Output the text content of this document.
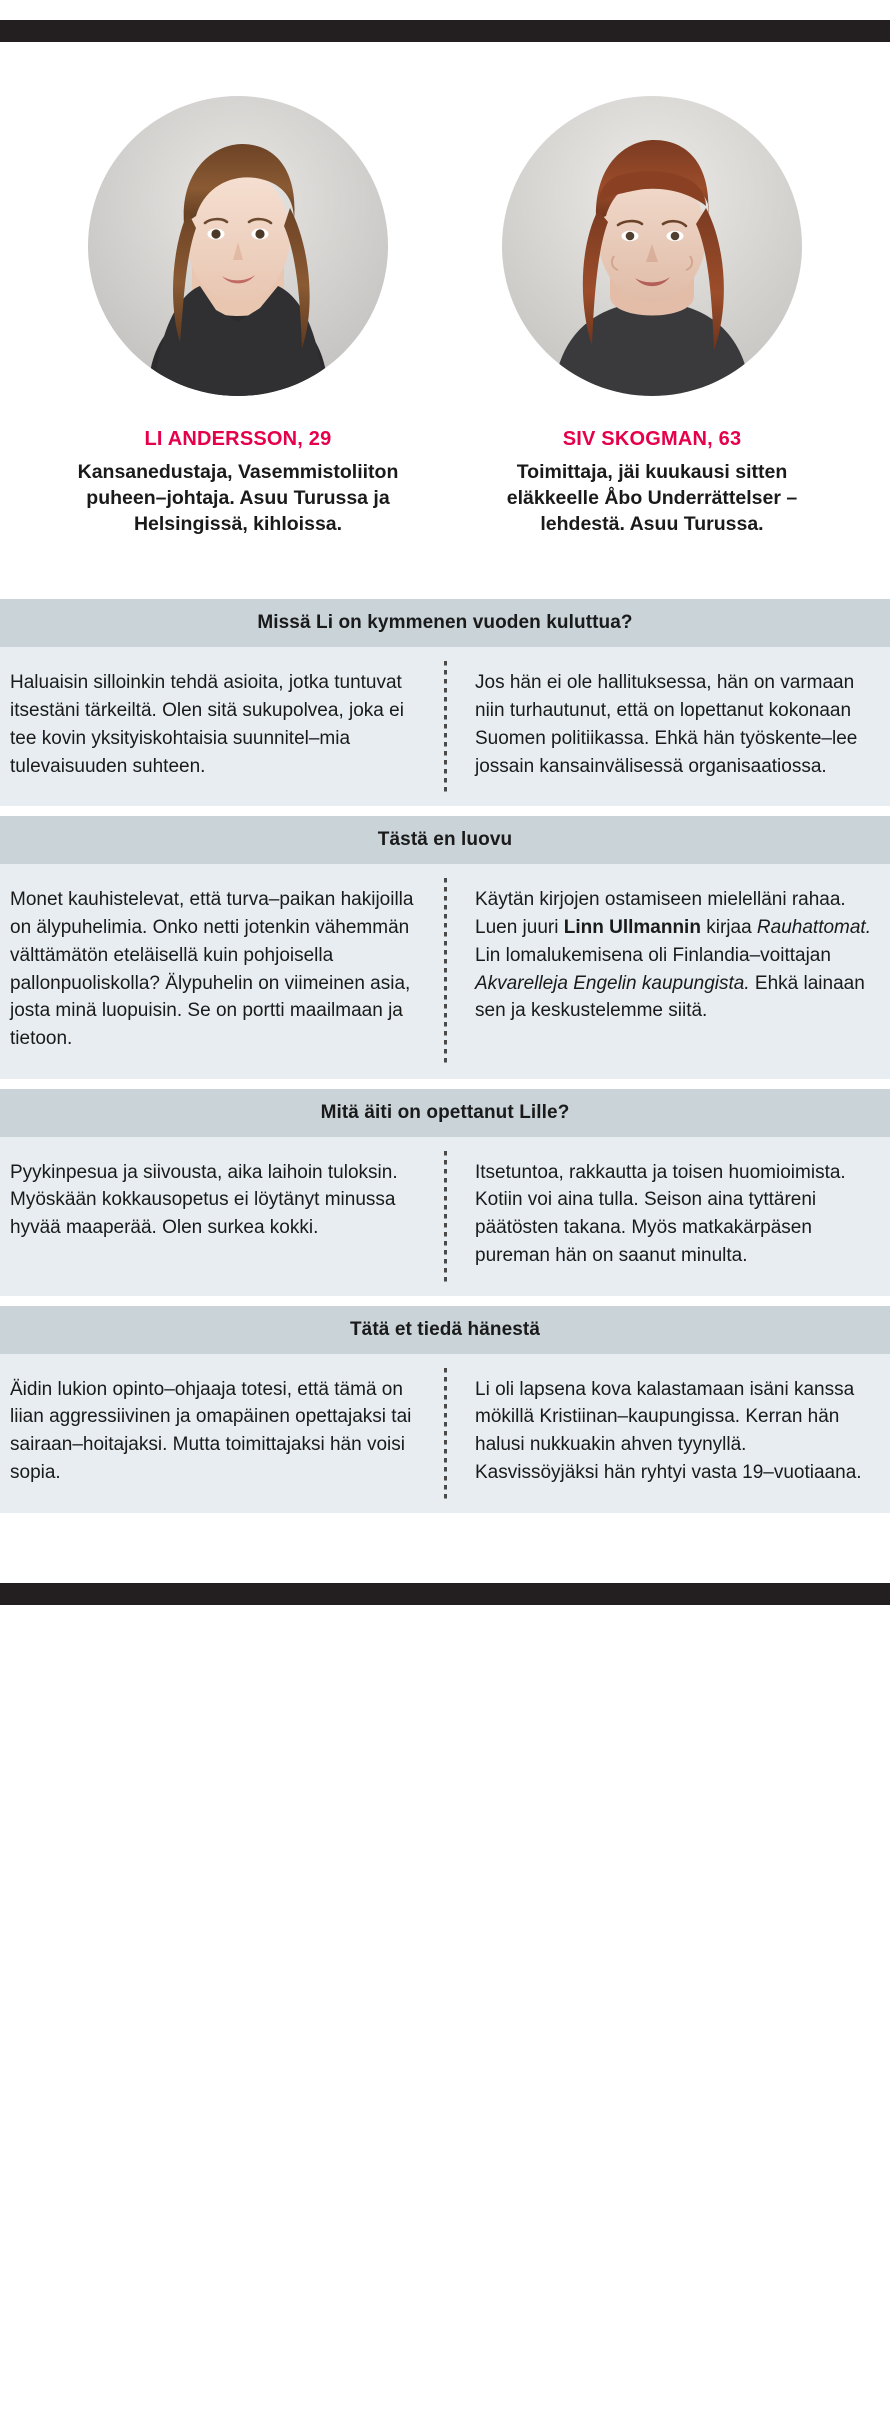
LI ANDERSSON, 29
Kansanedustaja, Vasemmistoliiton puheen–johtaja. Asuu Turussa ja Helsingissä, kihloissa.
SIV SKOGMAN, 63
Toimittaja, jäi kuukausi sitten eläkkeelle Åbo Underrättelser –lehdestä. Asuu Turussa.
Missä Li on kymmenen vuoden kuluttua?
Haluaisin silloinkin tehdä asioita, jotka tuntuvat itsestäni tärkeiltä. Olen sitä sukupolvea, joka ei tee kovin yksityiskohtaisia suunnitel–mia tulevaisuuden suhteen.
Jos hän ei ole hallituksessa, hän on varmaan niin turhautunut, että on lopettanut kokonaan Suomen politiikassa. Ehkä hän työskente–lee jossain kansainvälisessä organisaatiossa.
Tästä en luovu
Monet kauhistelevat, että turva–paikan hakijoilla on älypuhelimia. Onko netti jotenkin vähemmän välttämätön eteläisellä kuin pohjoisella pallonpuoliskolla? Älypuhelin on viimeinen asia, josta minä luopuisin. Se on portti maailmaan ja tietoon.
Käytän kirjojen ostamiseen mielelläni rahaa. Luen juuri Linn Ullmannin kirjaa Rauhattomat. Lin lomalukemisena oli Finlandia–voittajan Akvarelleja Engelin kaupungista. Ehkä lainaan sen ja keskustelemme siitä.
Mitä äiti on opettanut Lille?
Pyykinpesua ja siivousta, aika laihoin tuloksin. Myöskään kokkausopetus ei löytänyt minussa hyvää maaperää. Olen surkea kokki.
Itsetuntoa, rakkautta ja toisen huomioimista. Kotiin voi aina tulla. Seison aina tyttäreni päätösten takana. Myös matkakärpäsen pureman hän on saanut minulta.
Tätä et tiedä hänestä
Äidin lukion opinto–ohjaaja totesi, että tämä on liian aggressiivinen ja omapäinen opettajaksi tai sairaan–hoitajaksi. Mutta toimittajaksi hän voisi sopia.
Li oli lapsena kova kalastamaan isäni kanssa mökillä Kristiinan–kaupungissa. Kerran hän halusi nukkuakin ahven tyynyllä. Kasvissöyjäksi hän ryhtyi vasta 19–vuotiaana.
